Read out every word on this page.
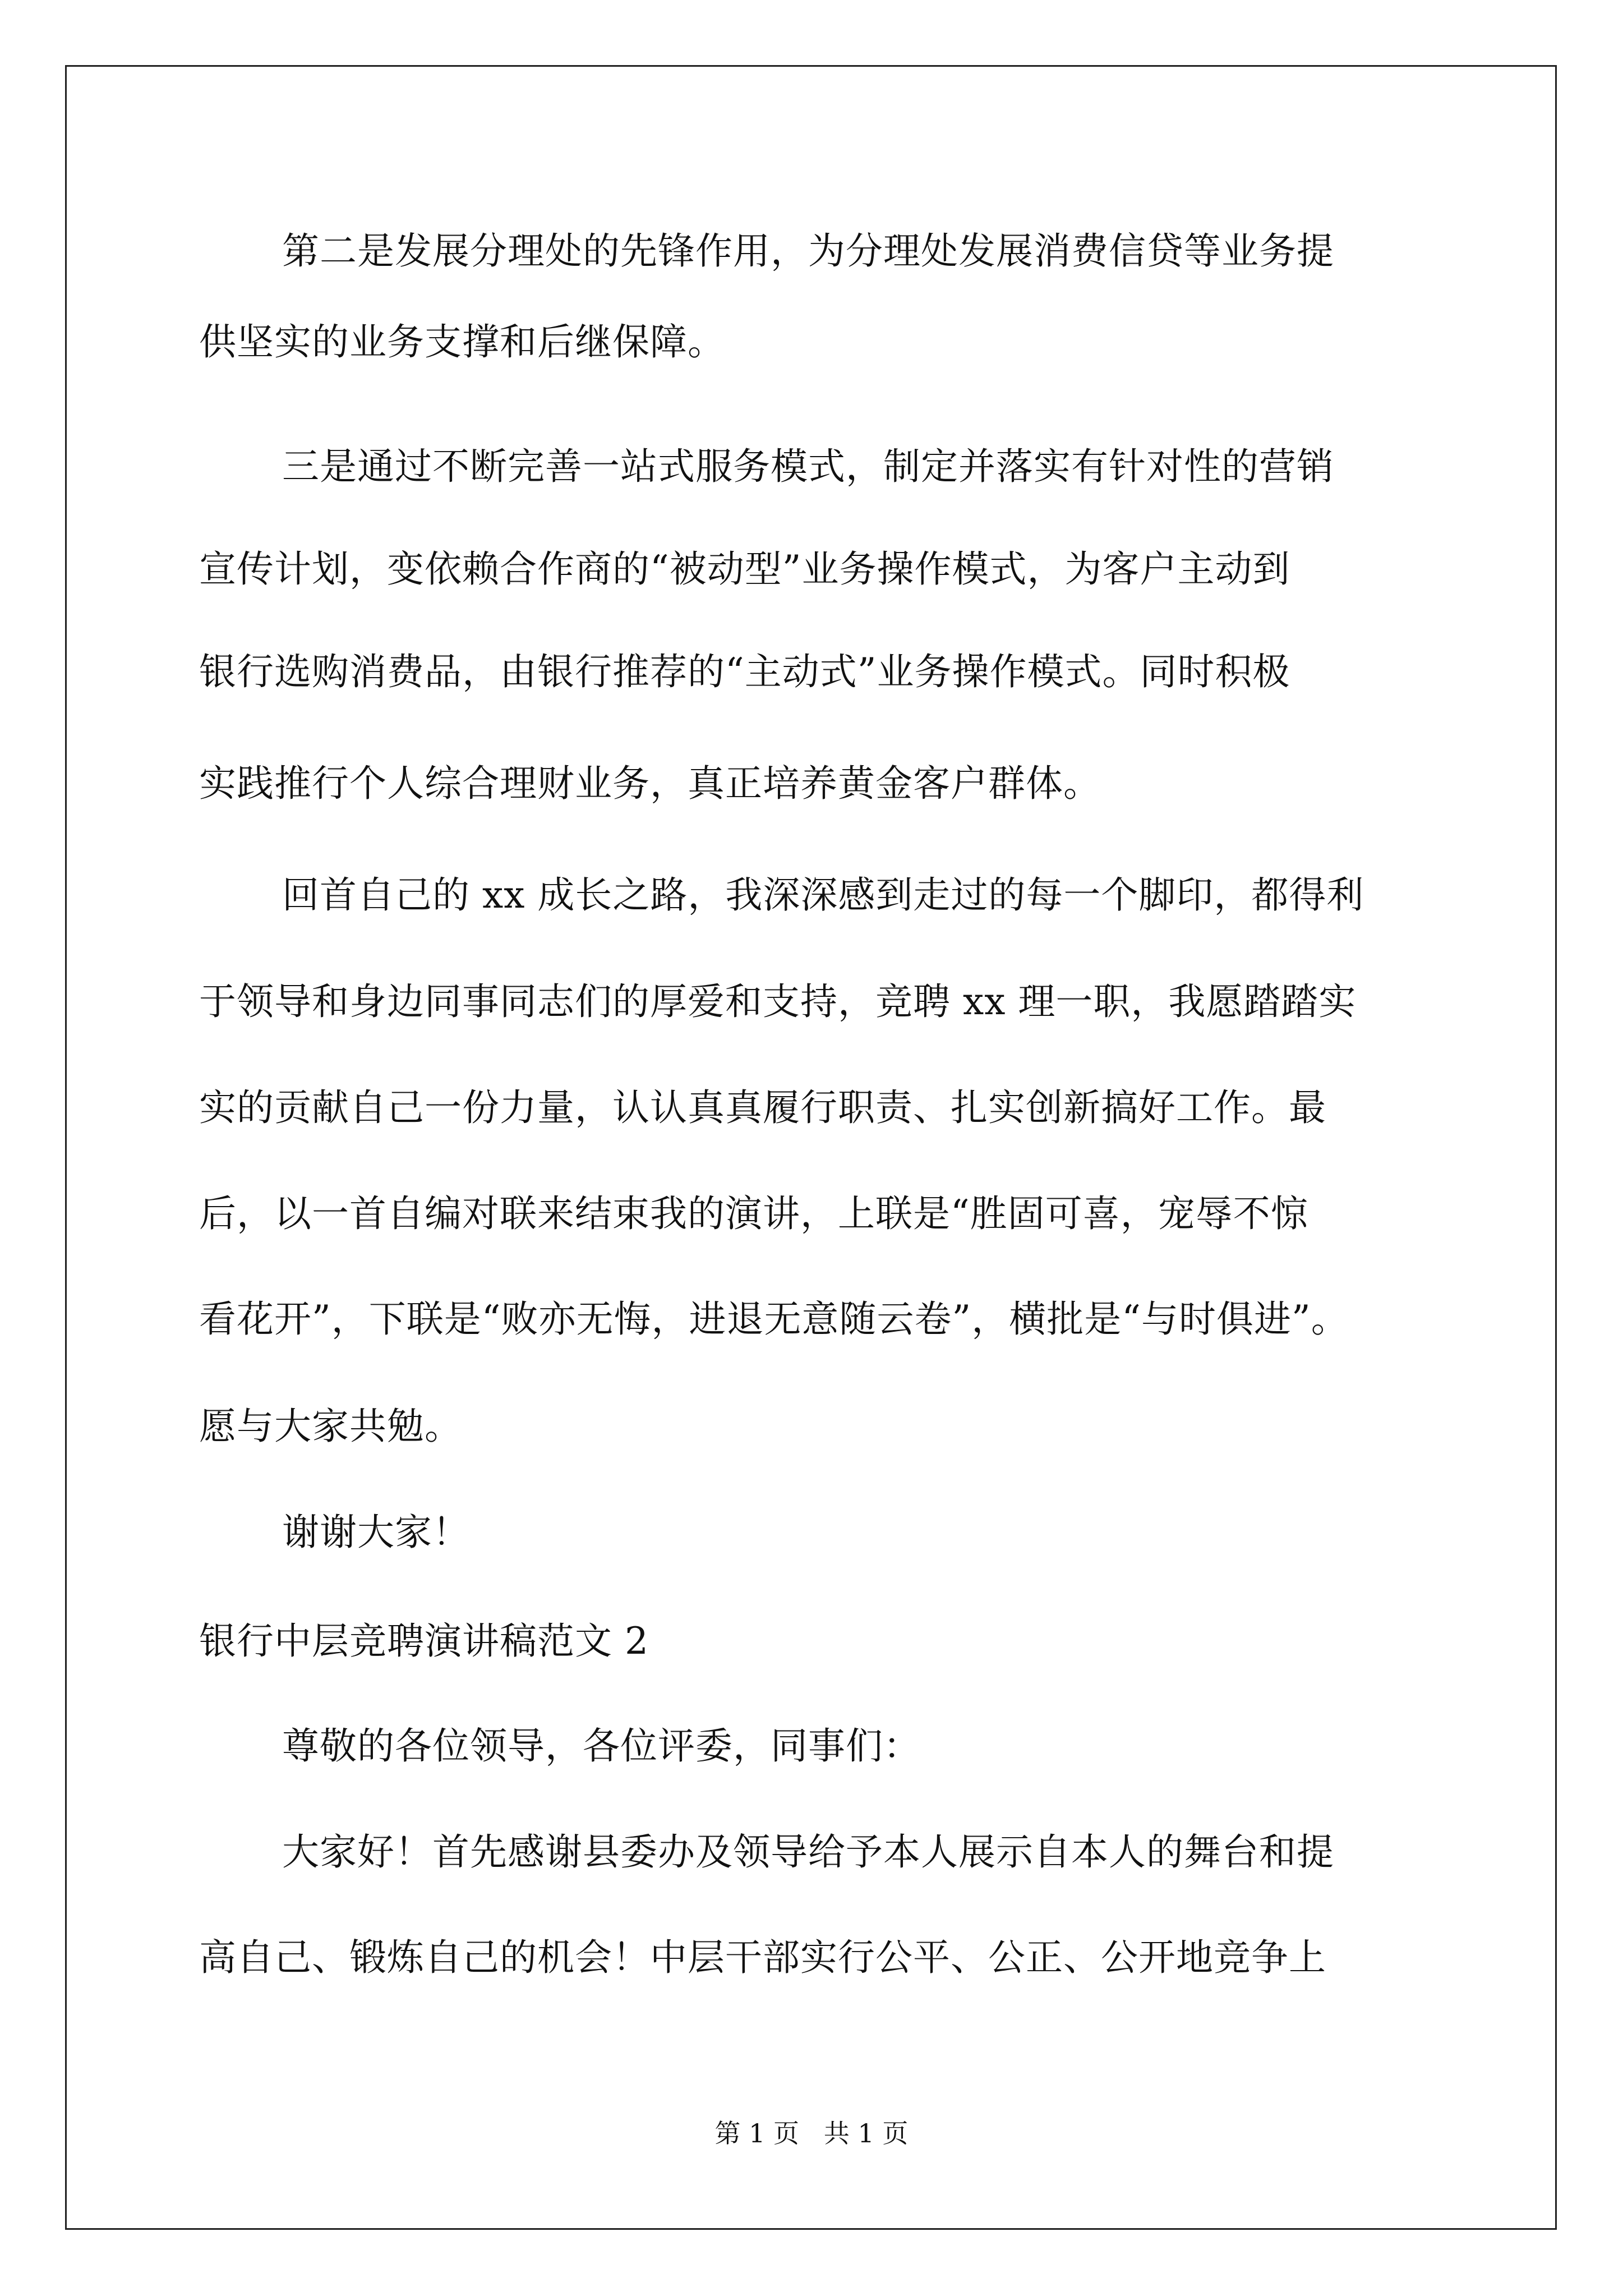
第二是发展分理处的先锋作用，为分理处发展消费信贷等业务提
供坚实的业务支撑和后继保障。
三是通过不断完善一站式服务模式，制定并落实有针对性的营销
宣传计划，变依赖合作商的“被动型”业务操作模式，为客户主动到
银行选购消费品，由银行推荐的“主动式”业务操作模式。同时积极
实践推行个人综合理财业务，真正培养黄金客户群体。
回首自己的 xx 成长之路，我深深感到走过的每一个脚印，都得利
于领导和身边同事同志们的厚爱和支持，竞聘 xx 理一职，我愿踏踏实
实的贡献自己一份力量，认认真真履行职责、扎实创新搞好工作。最
后，以一首自编对联来结束我的演讲，上联是“胜固可喜，宠辱不惊
看花开”，下联是“败亦无悔，进退无意随云卷”，横批是“与时俱进”。
愿与大家共勉。
谢谢大家！
银行中层竞聘演讲稿范文 2
尊敬的各位领导，各位评委，同事们：
大家好！首先感谢县委办及领导给予本人展示自本人的舞台和提
高自己、锻炼自己的机会！中层干部实行公平、公正、公开地竞争上
第 1 页   共 1 页
